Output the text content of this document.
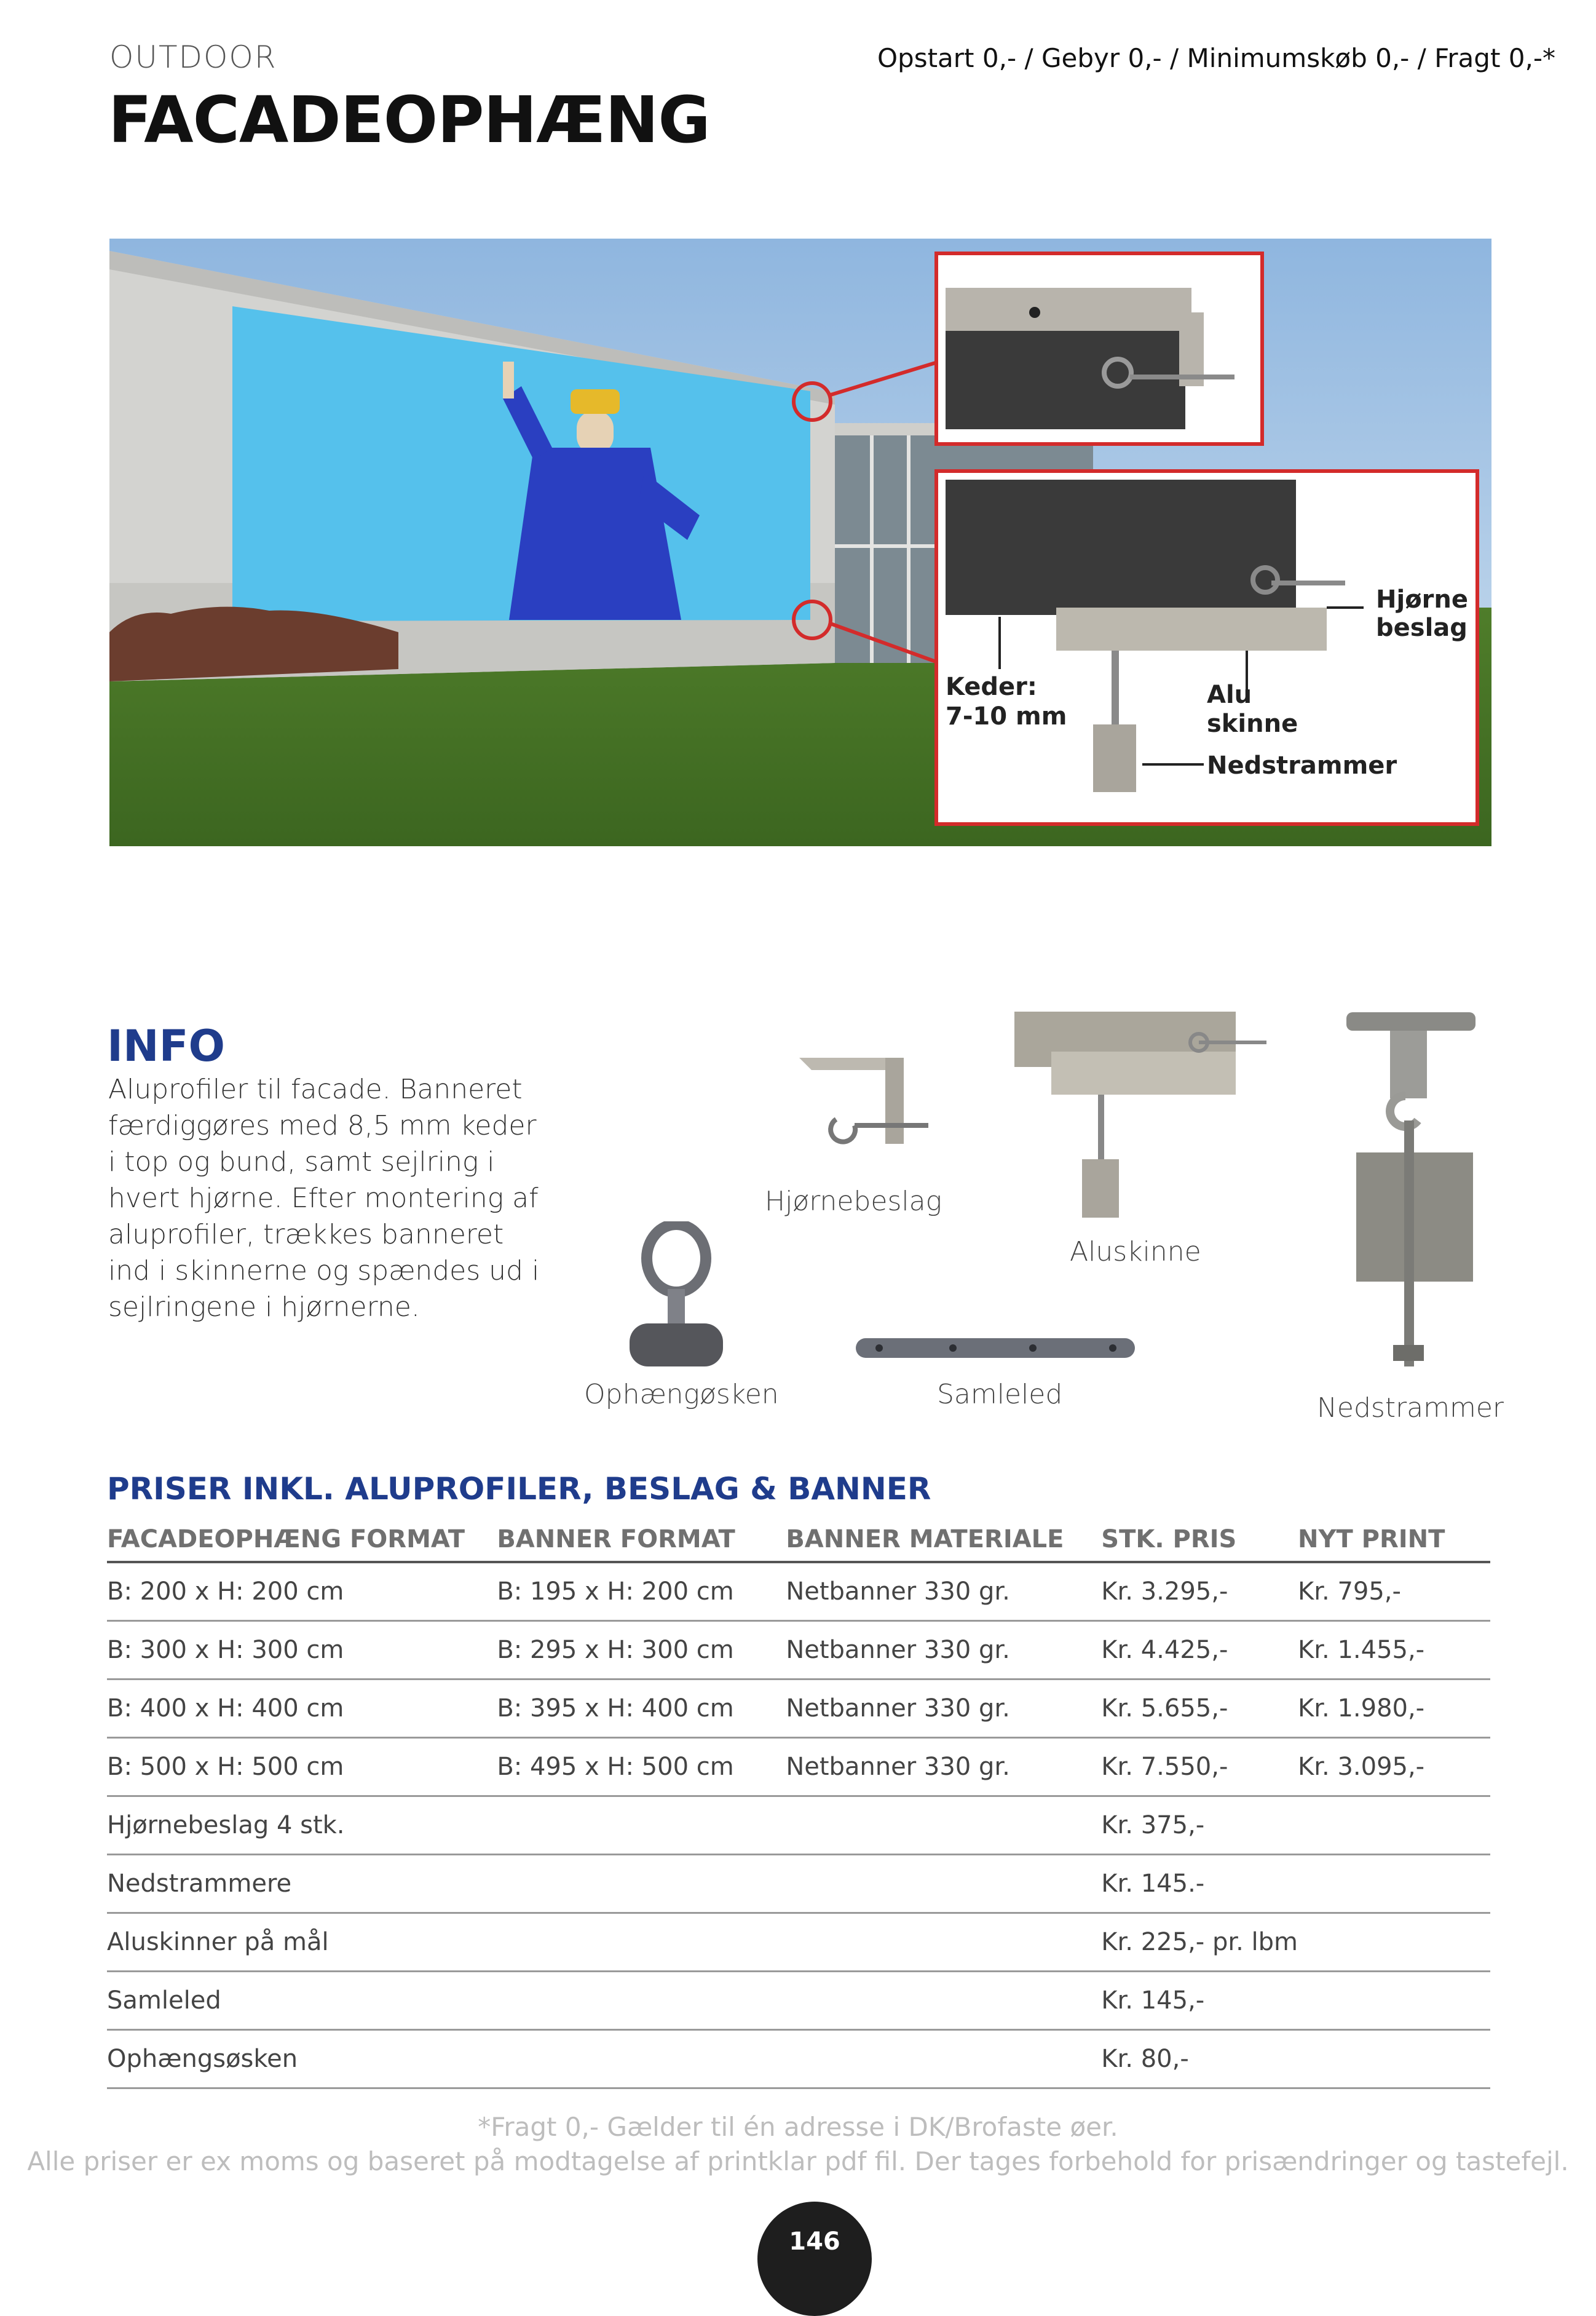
OUTDOOR
FACADEOPHÆNG
Opstart 0,- / Gebyr 0,- / Minimumskøb 0,- / Fragt 0,-*
Hjørne
beslag
Keder:
7-10 mm
Alu
skinne
Nedstrammer
INFO
Aluprofiler til facade. Banneret færdiggøres med 8,5 mm keder i top og bund, samt sejlring i hvert hjørne. Efter montering af aluprofiler, trækkes banneret ind i skinnerne og spændes ud i sejlringene i hjørnerne.
Hjørnebeslag
Aluskinne
Nedstrammer
Ophængøsken	Samleled
PRISER INKL. ALUPROFILER, BESLAG & BANNER
FACADEOPHÆNG FORMAT	BANNER FORMAT	BANNER MATERIALE	STK. PRIS	NYT PRINT
B: 200 x H: 200 cm	B: 195 x H: 200 cm	Netbanner 330 gr.	Kr. 3.295,-	Kr. 795,-
B: 300 x H: 300 cm	B: 295 x H: 300 cm	Netbanner 330 gr.	Kr. 4.425,-	Kr. 1.455,-
B: 400 x H: 400 cm	B: 395 x H: 400 cm	Netbanner 330 gr.	Kr. 5.655,-	Kr. 1.980,-
B: 500 x H: 500 cm	B: 495 x H: 500 cm	Netbanner 330 gr.	Kr. 7.550,-	Kr. 3.095,-
Hjørnebeslag 4 stk.			Kr. 375,-	
Nedstrammere			Kr. 145.-	
Aluskinner på mål			Kr. 225,- pr. lbm	
Samleled			Kr. 145,-	
Ophængsøsken			Kr. 80,-	
*Fragt 0,- Gælder til én adresse i DK/Brofaste øer.
Alle priser er ex moms og baseret på modtagelse af printklar pdf fil. Der tages forbehold for prisændringer og tastefejl.
146
